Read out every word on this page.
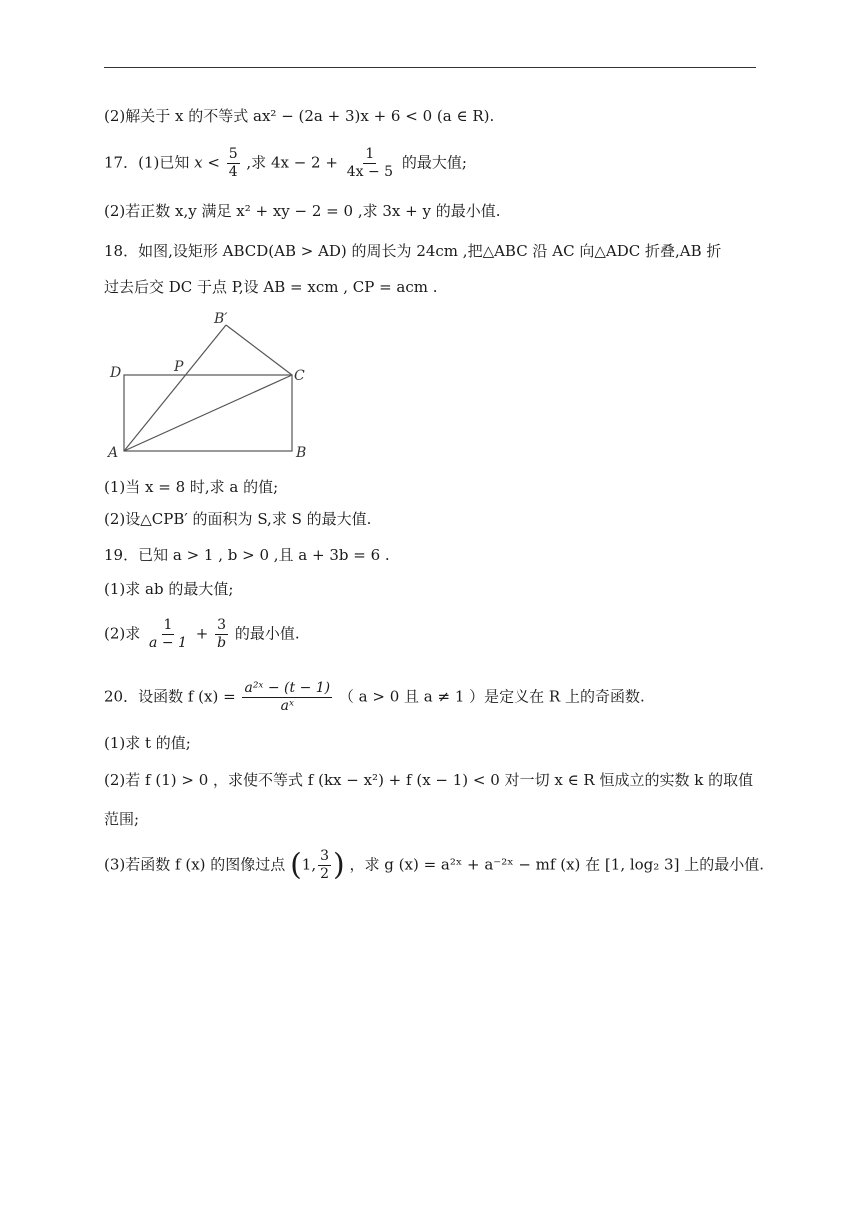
(2)解关于 x 的不等式 ax² − (2a + 3)x + 6 < 0 (a ∈ R).
17．(1)已知 $x < \frac{5}{4}$ ,求 $4x - 2 + \frac{1}{4x - 5}$ 的最大值;
(2)若正数 x,y 满足 x² + xy − 2 = 0 ,求 3x + y 的最小值.
18．如图,设矩形 ABCD(AB > AD) 的周长为 24cm ,把△ABC 沿 AC 向△ADC 折叠,AB 折
过去后交 DC 于点 P,设 AB = xcm , CP = acm .
B′
D	P
C
A	B
(1)当 x = 8 时,求 a 的值;
(2)设△CPB′ 的面积为 S,求 S 的最大值.
19．已知 a > 1 , b > 0 ,且 a + 3b = 6 .
(1)求 ab 的最大值;
(2)求 $\frac{1}{a - 1} + \frac{3}{b}$ 的最小值.
20．设函数 f $(x) = \frac{\text{a²ˣ − (t − 1)}}{\text{aˣ}}$ （ a > 0 且 a ≠ 1 ）是定义在 R 上的奇函数.
(1)求 t 的值;
(2)若 f (1) > 0 ，求使不等式 f (kx − x²) + f (x − 1) < 0 对一切 x ∈ R 恒成立的实数 k 的取值
范围;
(3)若函数 f (x) 的图像过点 (1, $\frac{3}{2}$ ) ，求 g (x) = a²ˣ + a⁻²ˣ − mf (x) 在 [1, log₂ 3] 上的最小值.
